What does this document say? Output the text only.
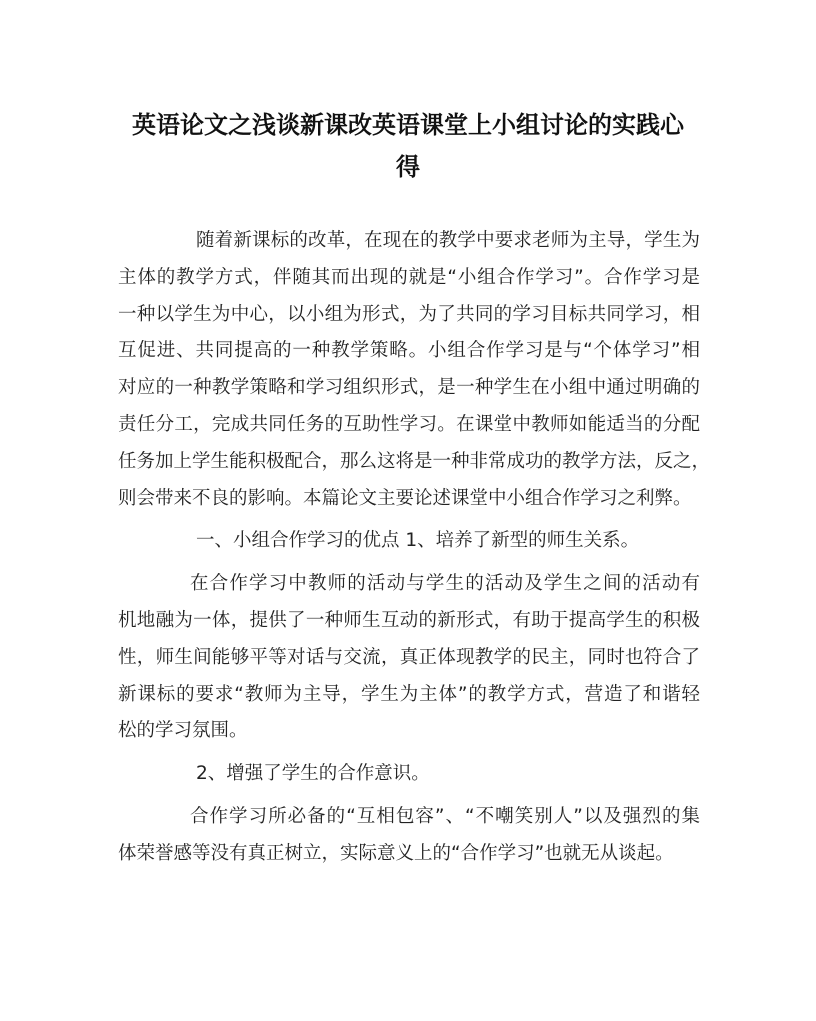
英语论文之浅谈新课改英语课堂上小组讨论的实践心
得
随着新课标的改革，在现在的教学中要求老师为主导，学生为
主体的教学方式，伴随其而出现的就是“小组合作学习”。合作学习是
一种以学生为中心，以小组为形式，为了共同的学习目标共同学习，相
互促进、共同提高的一种教学策略。小组合作学习是与“个体学习”相
对应的一种教学策略和学习组织形式，是一种学生在小组中通过明确的
责任分工，完成共同任务的互助性学习。在课堂中教师如能适当的分配
任务加上学生能积极配合，那么这将是一种非常成功的教学方法，反之，
则会带来不良的影响。本篇论文主要论述课堂中小组合作学习之利弊。
一、小组合作学习的优点 1、培养了新型的师生关系。
在合作学习中教师的活动与学生的活动及学生之间的活动有
机地融为一体，提供了一种师生互动的新形式，有助于提高学生的积极
性，师生间能够平等对话与交流，真正体现教学的民主，同时也符合了
新课标的要求“教师为主导，学生为主体”的教学方式，营造了和谐轻
松的学习氛围。
2、增强了学生的合作意识。
合作学习所必备的“互相包容”、“不嘲笑别人”以及强烈的集
体荣誉感等没有真正树立，实际意义上的“合作学习”也就无从谈起。
